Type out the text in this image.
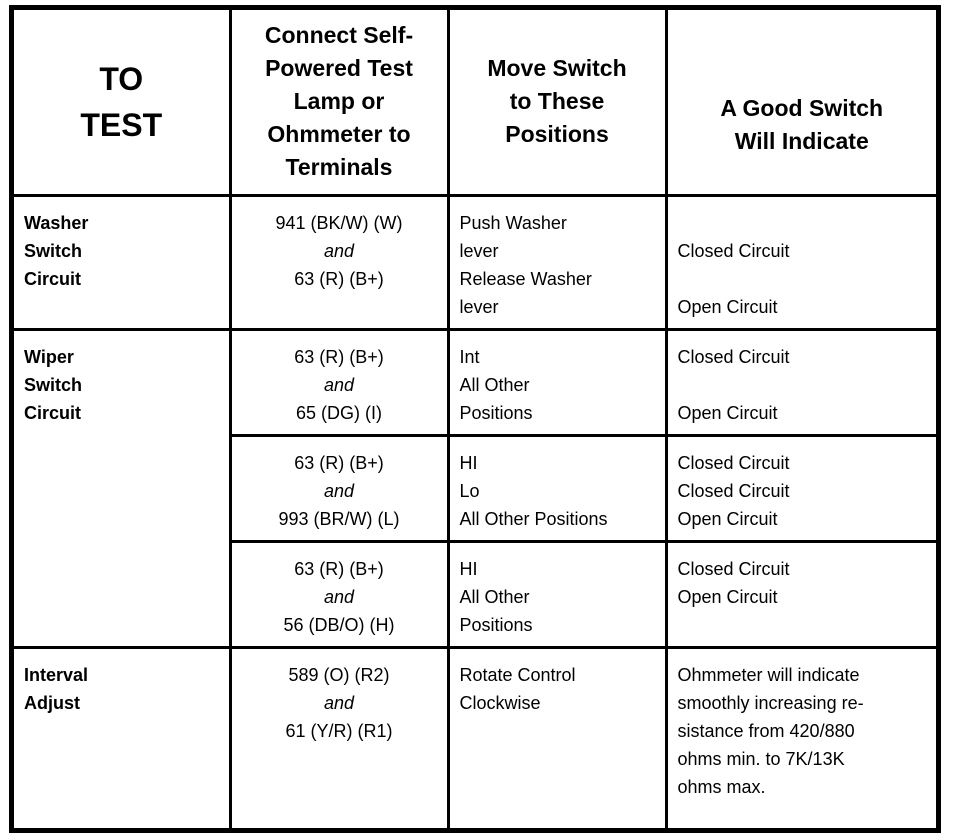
TO
TEST	Connect Self-
Powered Test
Lamp or
Ohmmeter to
Terminals	Move Switch
to These
Positions	A Good Switch
Will Indicate

Washer
Switch
Circuit	941 (BK/W) (W)
and
63 (R) (B+)	Push Washer
lever
Release Washer
lever	Closed Circuit
Open Circuit

Wiper
Switch
Circuit	63 (R) (B+)
and
65 (DG) (I)	Int
All Other
Positions	Closed Circuit
Open Circuit

	63 (R) (B+)
and
993 (BR/W) (L)	HI
Lo
All Other Positions	Closed Circuit
Closed Circuit
Open Circuit

	63 (R) (B+)
and
56 (DB/O) (H)	HI
All Other
Positions	Closed Circuit
Open Circuit

Interval
Adjust	589 (O) (R2)
and
61 (Y/R) (R1)	Rotate Control
Clockwise	Ohmmeter will indicate
smoothly increasing re-
sistance from 420/880
ohms min. to 7K/13K
ohms max.
